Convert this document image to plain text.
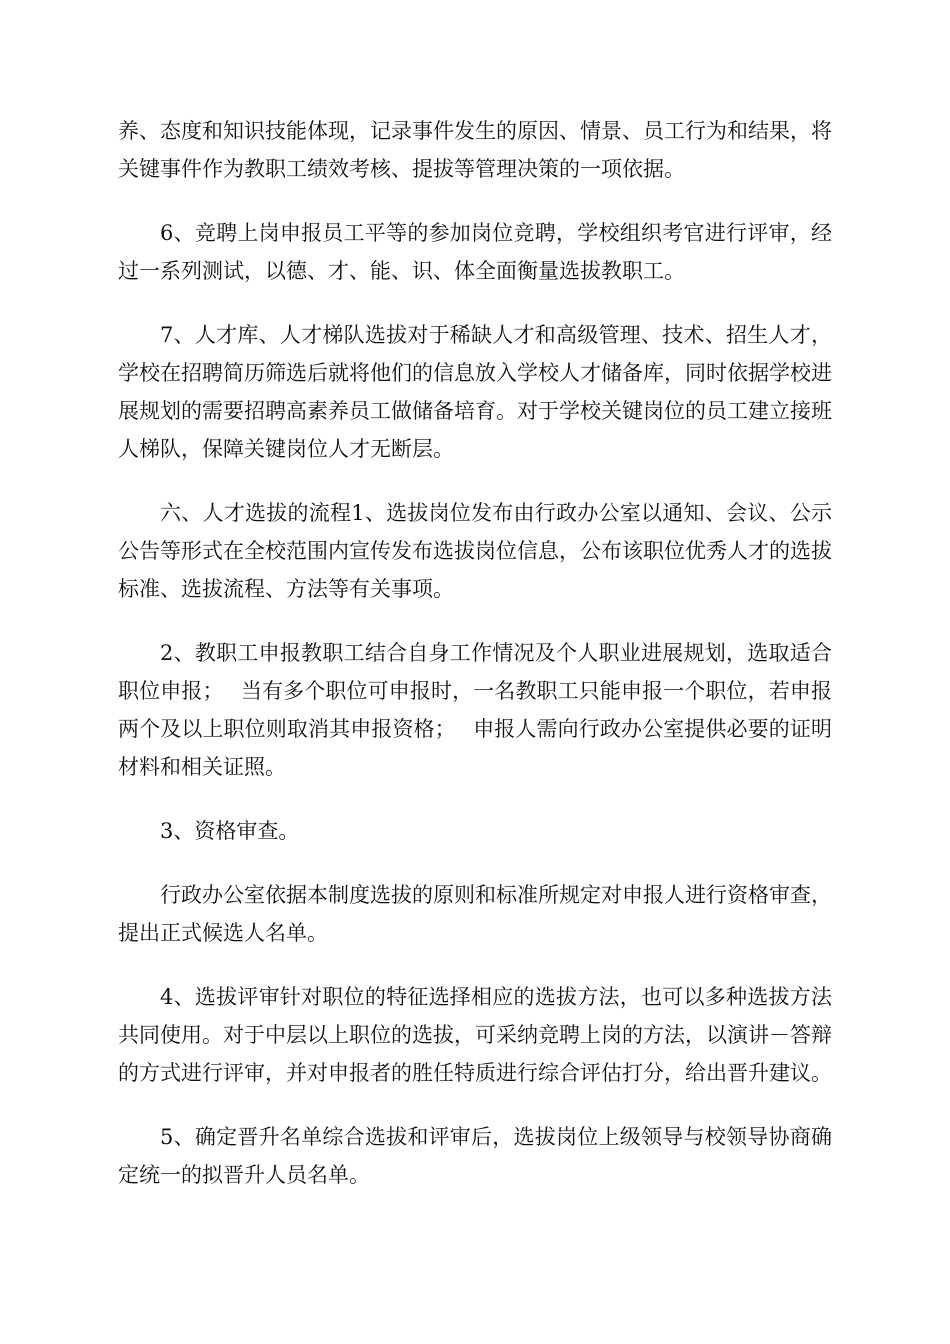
养、态度和知识技能体现，记录事件发生的原因、情景、员工行为和结果，将关键事件作为教职工绩效考核、提拔等管理决策的一项依据。

6、竞聘上岗申报员工平等的参加岗位竞聘，学校组织考官进行评审，经过一系列测试，以德、才、能、识、体全面衡量选拔教职工。

7、人才库、人才梯队选拔对于稀缺人才和高级管理、技术、招生人才，学校在招聘简历筛选后就将他们的信息放入学校人才储备库，同时依据学校进展规划的需要招聘高素养员工做储备培育。对于学校关键岗位的员工建立接班人梯队，保障关键岗位人才无断层。

六、人才选拔的流程1、选拔岗位发布由行政办公室以通知、会议、公示公告等形式在全校范围内宣传发布选拔岗位信息，公布该职位优秀人才的选拔标准、选拔流程、方法等有关事项。

2、教职工申报教职工结合自身工作情况及个人职业进展规划，选取适合职位申报；　 当有多个职位可申报时，一名教职工只能申报一个职位，若申报两个及以上职位则取消其申报资格；　 申报人需向行政办公室提供必要的证明材料和相关证照。

3、资格审查。

行政办公室依据本制度选拔的原则和标准所规定对申报人进行资格审查，提出正式候选人名单。

4、选拔评审针对职位的特征选择相应的选拔方法，也可以多种选拔方法共同使用。对于中层以上职位的选拔，可采纳竞聘上岗的方法，以演讲－答辩的方式进行评审，并对申报者的胜任特质进行综合评估打分，给出晋升建议。

5、确定晋升名单综合选拔和评审后，选拔岗位上级领导与校领导协商确定统一的拟晋升人员名单。
